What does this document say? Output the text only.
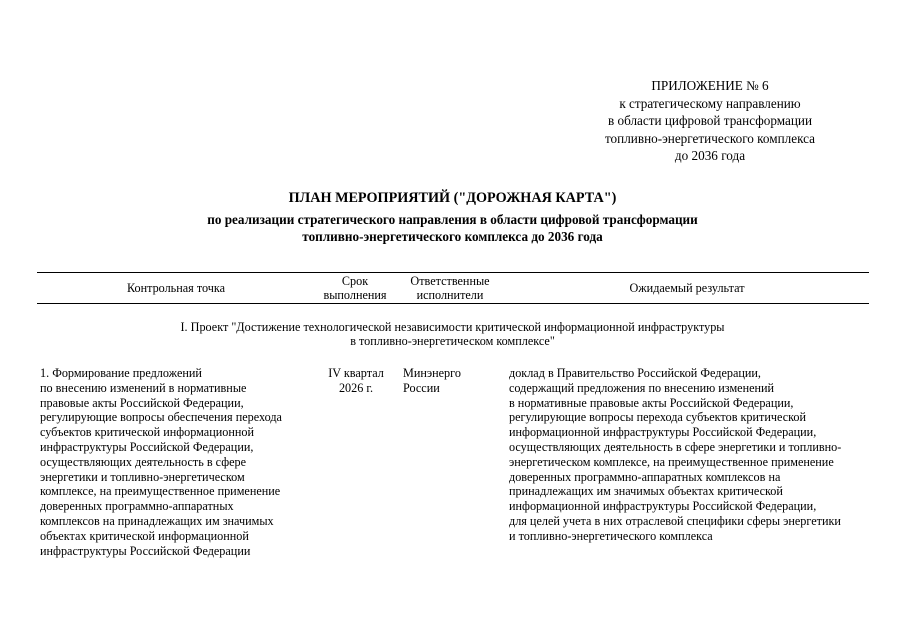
ПРИЛОЖЕНИЕ № 6
к стратегическому направлению
в области цифровой трансформации
топливно-энергетического комплекса
до 2036 года
ПЛАН МЕРОПРИЯТИЙ ("ДОРОЖНАЯ КАРТА")
по реализации стратегического направления в области цифровой трансформации
топливно-энергетического комплекса до 2036 года
Контрольная точка	Срок
выполнения
Ответственные
исполнители	Ожидаемый результат
I. Проект "Достижение технологической независимости критической информационной инфраструктуры
в топливно-энергетическом комплексе"
1. Формирование предложений
по внесению изменений в нормативные
правовые акты Российской Федерации,
регулирующие вопросы обеспечения перехода
субъектов критической информационной
инфраструктуры Российской Федерации,
осуществляющих деятельность в сфере
энергетики и топливно-энергетическом
комплексе, на преимущественное применение
доверенных программно-аппаратных
комплексов на принадлежащих им значимых
объектах критической информационной
инфраструктуры Российской Федерации
IV квартал
2026 г.
Минэнерго
России
доклад в Правительство Российской Федерации,
содержащий предложения по внесению изменений
в нормативные правовые акты Российской Федерации,
регулирующие вопросы перехода субъектов критической
информационной инфраструктуры Российской Федерации,
осуществляющих деятельность в сфере энергетики и топливно-
энергетическом комплексе, на преимущественное применение
доверенных программно-аппаратных комплексов на
принадлежащих им значимых объектах критической
информационной инфраструктуры Российской Федерации,
для целей учета в них отраслевой специфики сферы энергетики
и топливно-энергетического комплекса
